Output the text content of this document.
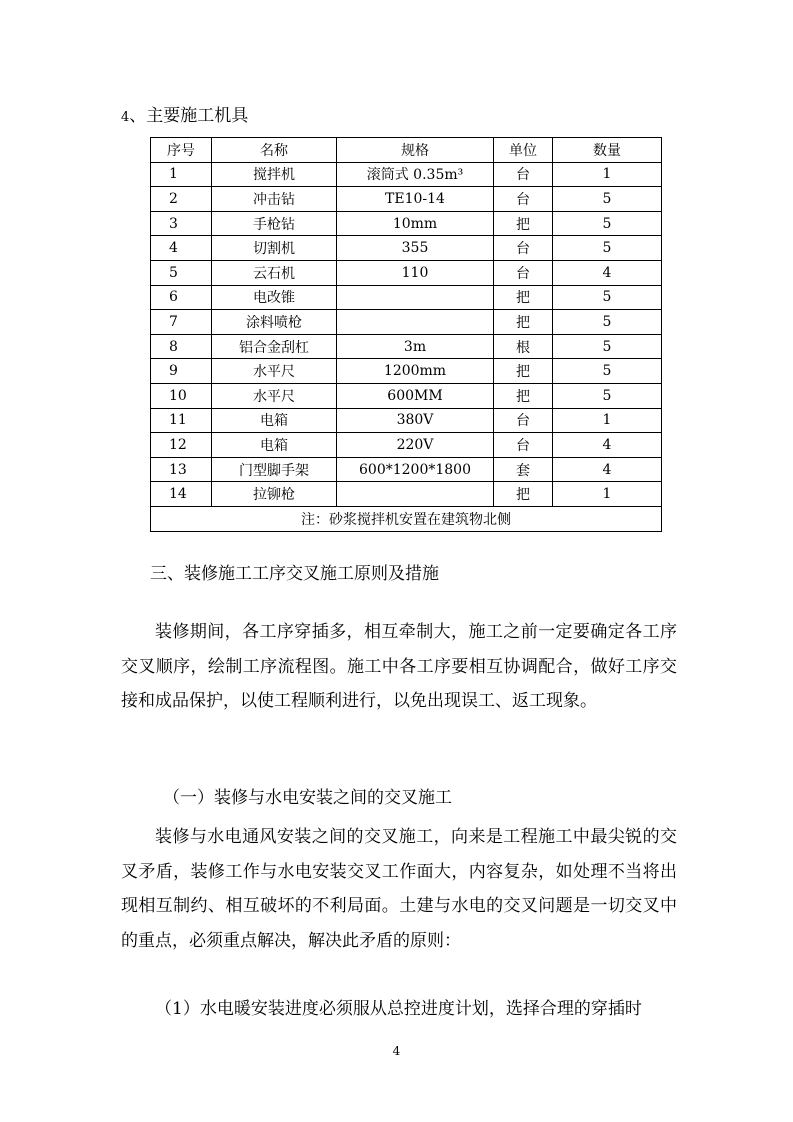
4、主要施工机具
序号	名称	规格	单位	数量
1	搅拌机	滚筒式 0.35m³	台	1
2	冲击钻	TE10-14	台	5
3	手枪钻	10mm	把	5
4	切割机	355	台	5
5	云石机	110	台	4
6	电改锥		把	5
7	涂料喷枪		把	5
8	铝合金刮杠	3m	根	5
9	水平尺	1200mm	把	5
10	水平尺	600MM	把	5
11	电箱	380V	台	1
12	电箱	220V	台	4
13	门型脚手架	600*1200*1800	套	4
14	拉铆枪		把	1
注：砂浆搅拌机安置在建筑物北侧				
三、装修施工工序交叉施工原则及措施

装修期间，各工序穿插多，相互牵制大，施工之前一定要确定各工序交叉顺序，绘制工序流程图。施工中各工序要相互协调配合，做好工序交接和成品保护，以使工程顺利进行，以免出现误工、返工现象。

（一）装修与水电安装之间的交叉施工

装修与水电通风安装之间的交叉施工，向来是工程施工中最尖锐的交叉矛盾，装修工作与水电安装交叉工作面大，内容复杂，如处理不当将出现相互制约、相互破坏的不利局面。土建与水电的交叉问题是一切交叉中的重点，必须重点解决，解决此矛盾的原则：

（1）水电暖安装进度必须服从总控进度计划，选择合理的穿插时

4
